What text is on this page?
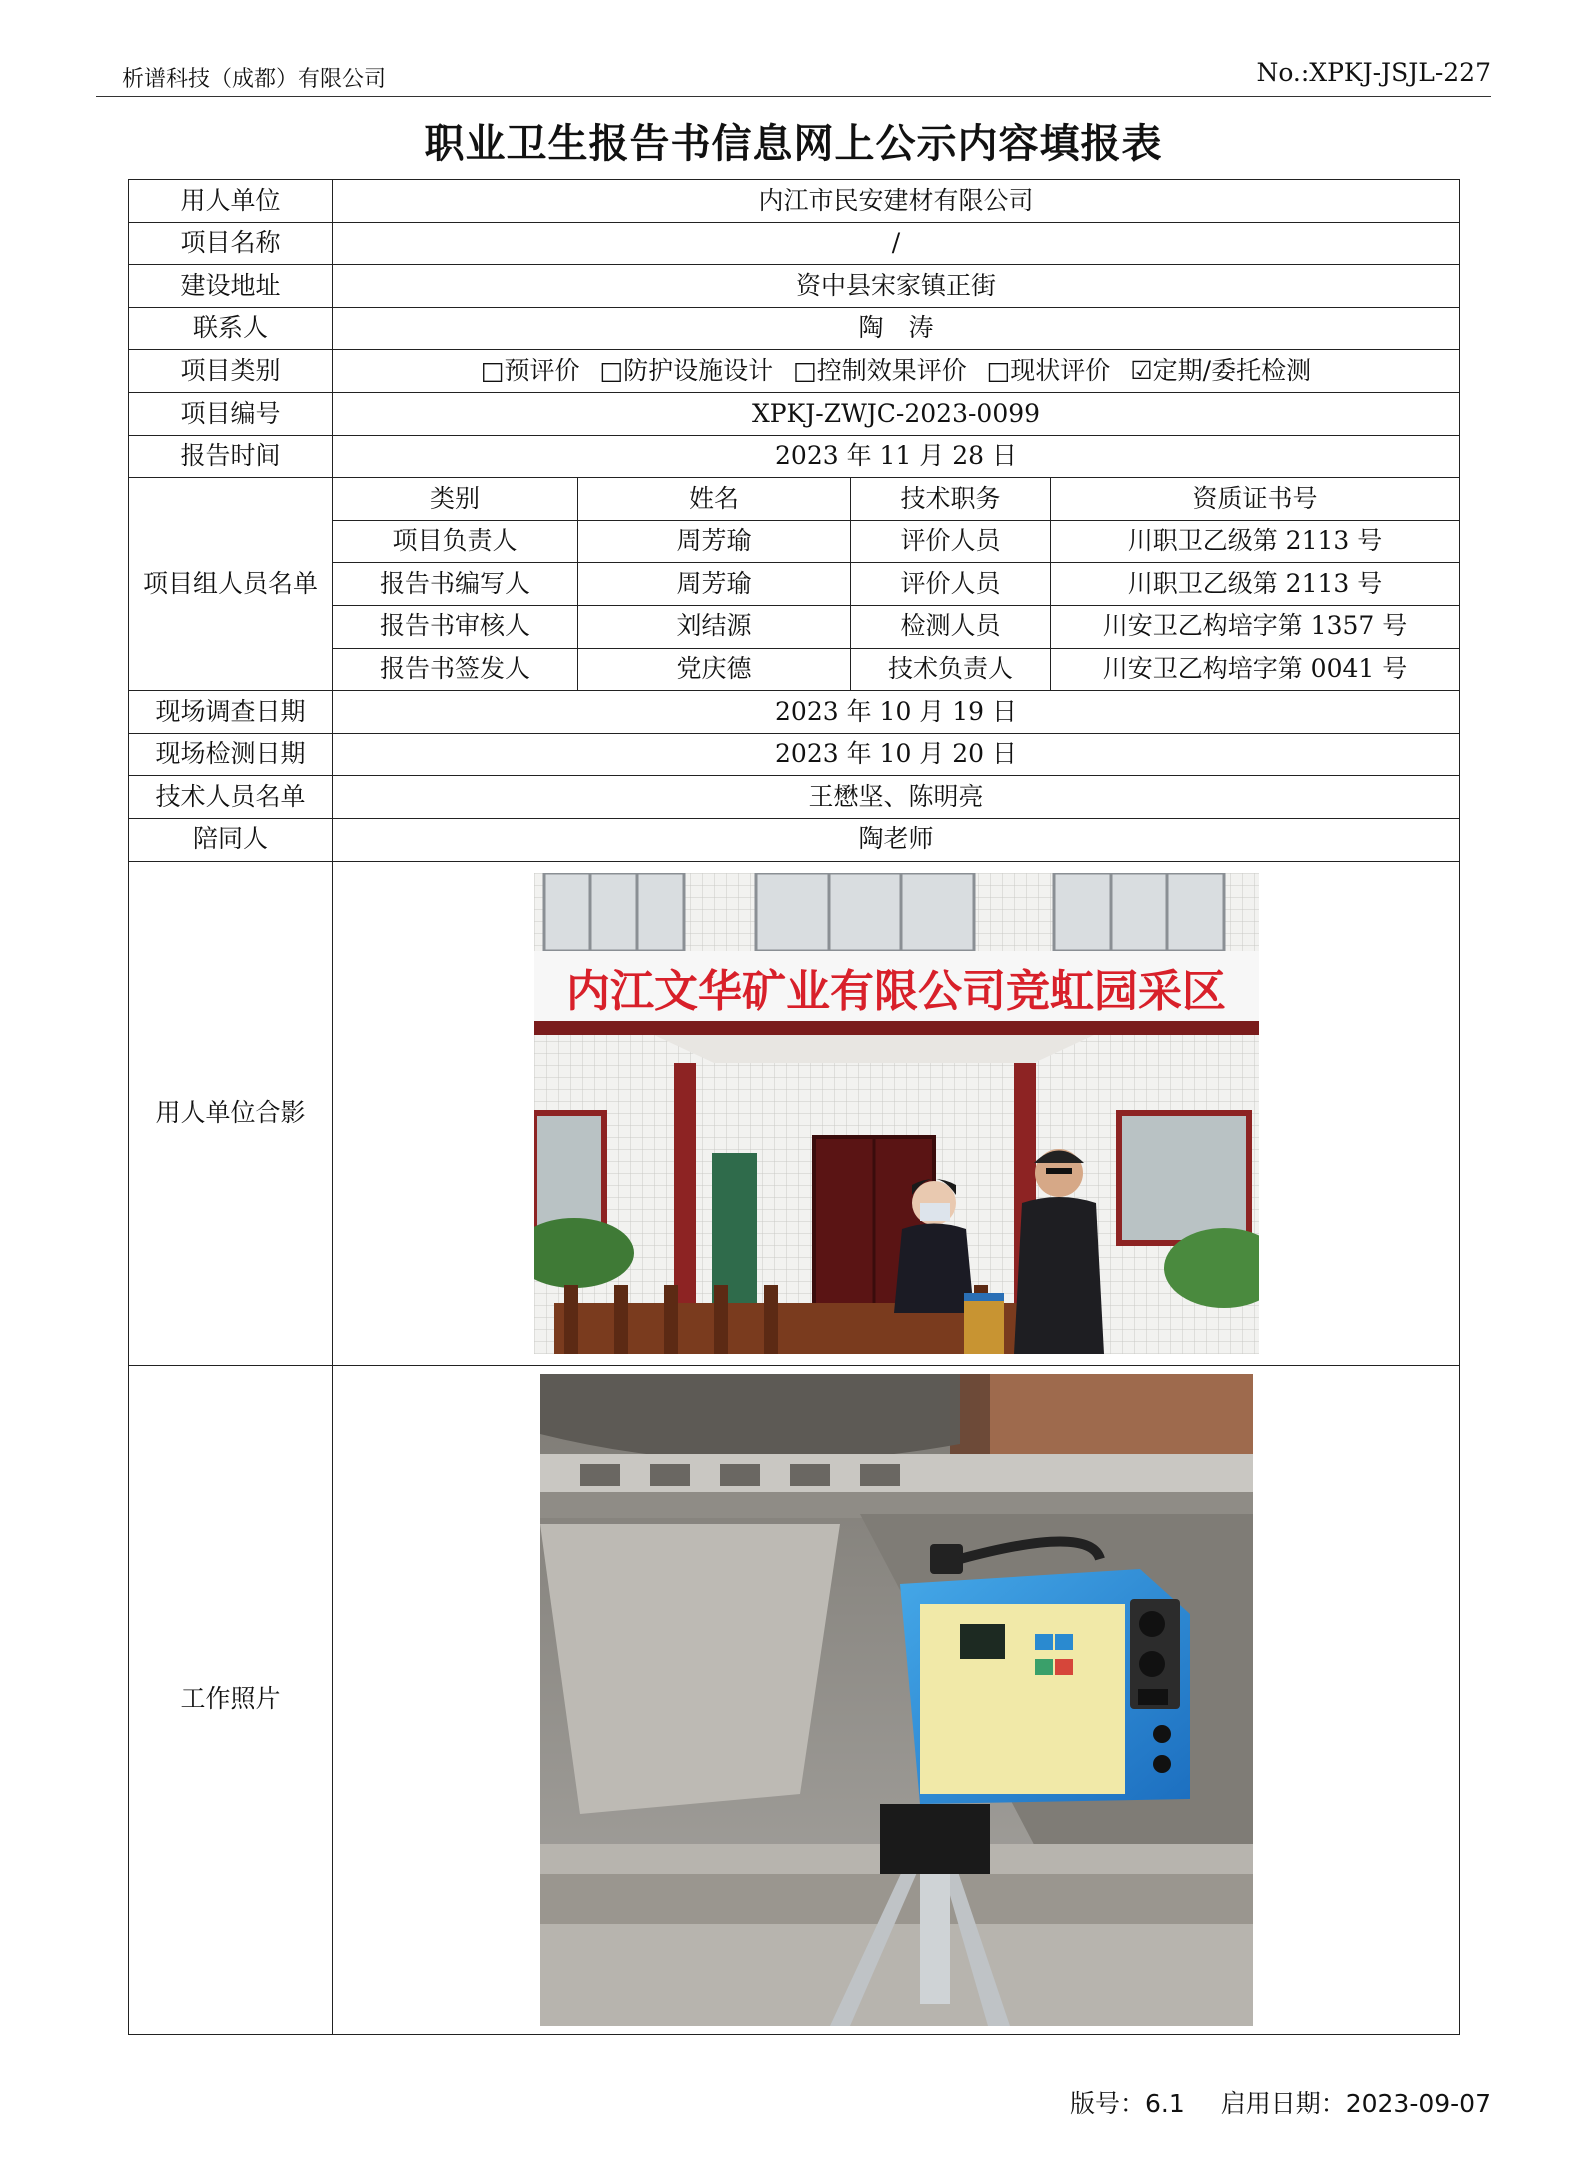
析谱科技（成都）有限公司	No.:XPKJ-JSJL-227
职业卫生报告书信息网上公示内容填报表
用人单位	内江市民安建材有限公司			
项目名称	/			
建设地址	资中县宋家镇正街			
联系人	陶　涛			
项目类别	□预评价 □防护设施设计 □控制效果评价 □现状评价 ☑定期/委托检测			
项目编号	XPKJ-ZWJC-2023-0099			
报告时间	2023 年 11 月 28 日			
项目组人员名单	类别	姓名	技术职务	资质证书号
	项目负责人	周芳瑜	评价人员	川职卫乙级第 2113 号
	报告书编写人	周芳瑜	评价人员	川职卫乙级第 2113 号
	报告书审核人	刘结源	检测人员	川安卫乙构培字第 1357 号
	报告书签发人	党庆德	技术负责人	川安卫乙构培字第 0041 号
现场调查日期	2023 年 10 月 19 日			
现场检测日期	2023 年 10 月 20 日			
技术人员名单	王懋坚、陈明亮			
陪同人	陶老师			
用人单位合影	内江文华矿业有限公司竞虹园采区			

工作照片	
版号：6.1 启用日期：2023-09-07
